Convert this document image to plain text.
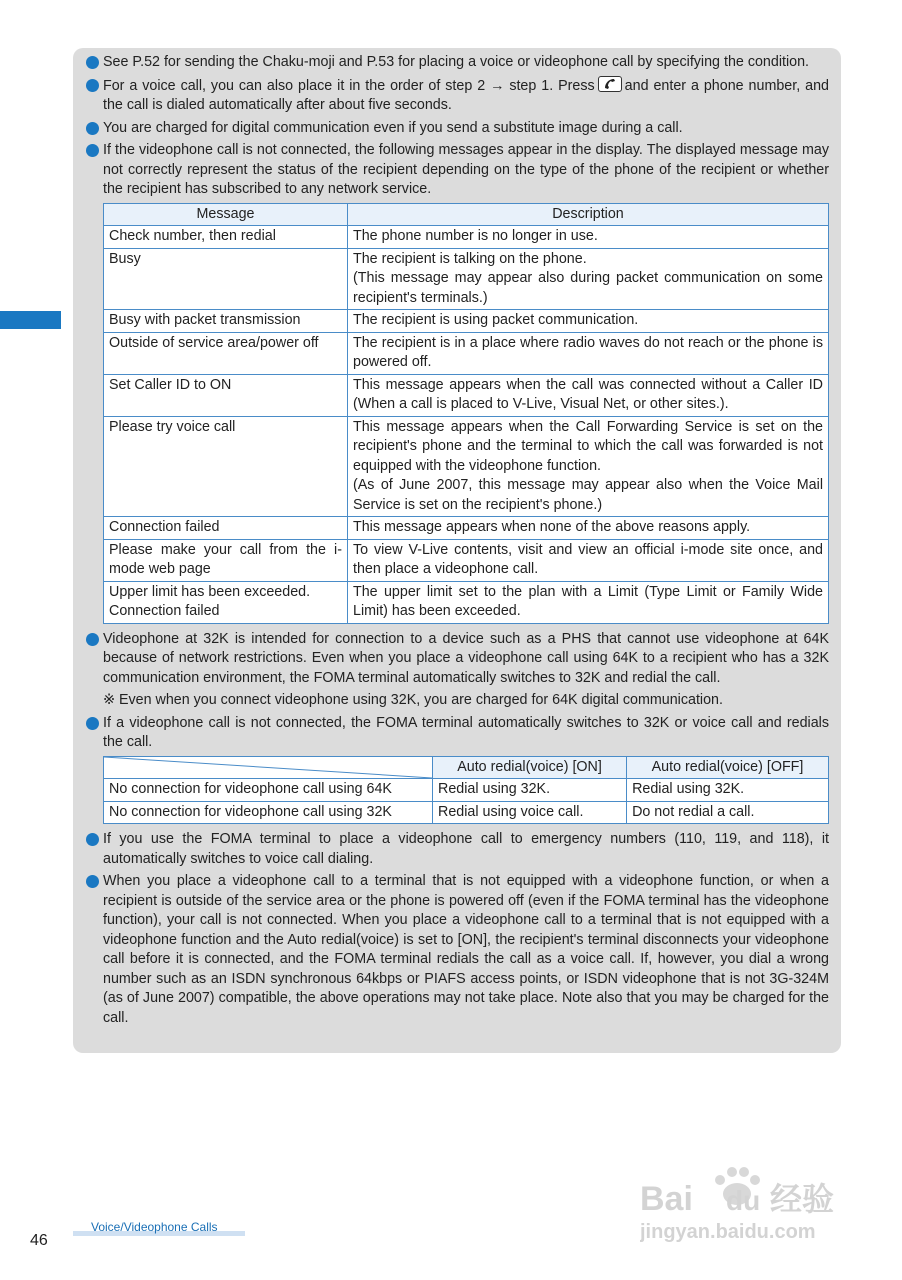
See P.52 for sending the Chaku-moji and P.53 for placing a voice or videophone call by specifying the condition.
For a voice call, you can also place it in the order of step 2 → step 1. Press and enter a phone number, and the call is dialed automatically after about five seconds.
You are charged for digital communication even if you send a substitute image during a call.
If the videophone call is not connected, the following messages appear in the display. The displayed message may not correctly represent the status of the recipient depending on the type of the phone of the recipient or whether the recipient has subscribed to any network service.
Message	Description
Check number, then redial	The phone number is no longer in use.
Busy	The recipient is talking on the phone.
(This message may appear also during packet communication on some recipient's terminals.)

Busy with packet transmission	The recipient is using packet communication.
Outside of service area/power off	The recipient is in a place where radio waves do not reach or the phone is powered off.
Set Caller ID to ON	This message appears when the call was connected without a Caller ID (When a call is placed to V-Live, Visual Net, or other sites.).
Please try voice call	This message appears when the Call Forwarding Service is set on the recipient's phone and the terminal to which the call was forwarded is not equipped with the videophone function.
(As of June 2007, this message may appear also when the Voice Mail Service is set on the recipient's phone.)

Connection failed	This message appears when none of the above reasons apply.
Please make your call from the i-mode web page	To view V-Live contents, visit and view an official i-mode site once, and then place a videophone call.

Upper limit has been exceeded.
Connection failed	The upper limit set to the plan with a Limit (Type Limit or Family Wide Limit) has been exceeded.
Videophone at 32K is intended for connection to a device such as a PHS that cannot use videophone at 64K because of network restrictions. Even when you place a videophone call using 64K to a recipient who has a 32K communication environment, the FOMA terminal automatically switches to 32K and redial the call.
※ Even when you connect videophone using 32K, you are charged for 64K digital communication.
If a videophone call is not connected, the FOMA terminal automatically switches to 32K or voice call and redials the call.
	Auto redial(voice) [ON]	Auto redial(voice) [OFF]
No connection for videophone call using 64K	Redial using 32K.	Redial using 32K.
No connection for videophone call using 32K	Redial using voice call.	Do not redial a call.
If you use the FOMA terminal to place a videophone call to emergency numbers (110, 119, and 118), it automatically switches to voice call dialing.
When you place a videophone call to a terminal that is not equipped with a videophone function, or when a recipient is outside of the service area or the phone is powered off (even if the FOMA terminal has the videophone function), your call is not connected. When you place a videophone call to a terminal that is not equipped with a videophone function and the Auto redial(voice) is set to [ON], the recipient's terminal disconnects your videophone call before it is connected, and the FOMA terminal redials the call as a voice call. If, however, you dial a wrong number such as an ISDN synchronous 64kbps or PIAFS access points, or ISDN videophone that is not 3G-324M (as of June 2007) compatible, the above operations may not take place. Note also that you may be charged for the call.
Bai du 经验
jingyan.baidu.com
Voice/Videophone Calls
46
